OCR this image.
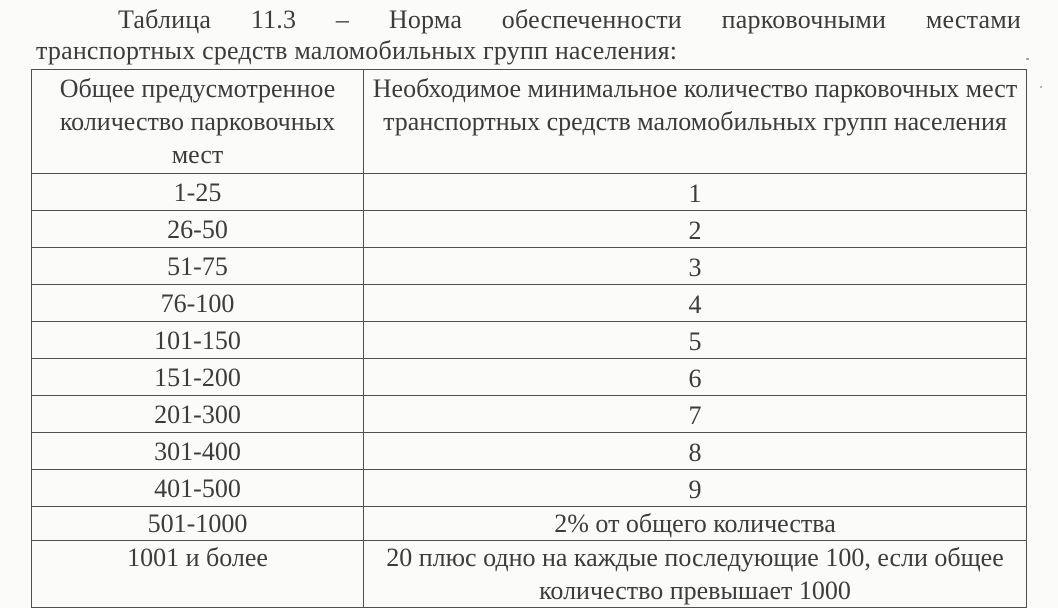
Таблица 11.3 – Норма обеспеченности парковочными местами
транспортных средств маломобильных групп населения:
Общее предусмотренное количество парковочных мест	Необходимое минимальное количество парковочных мест транспортных средств маломобильных групп населения
1-25	1
26-50	2
51-75	3
76-100	4
101-150	5
151-200	6
201-300	7
301-400	8
401-500	9
501-1000	2% от общего количества
1001 и более	20 плюс одно на каждые последующие 100, если общее количество превышает 1000
